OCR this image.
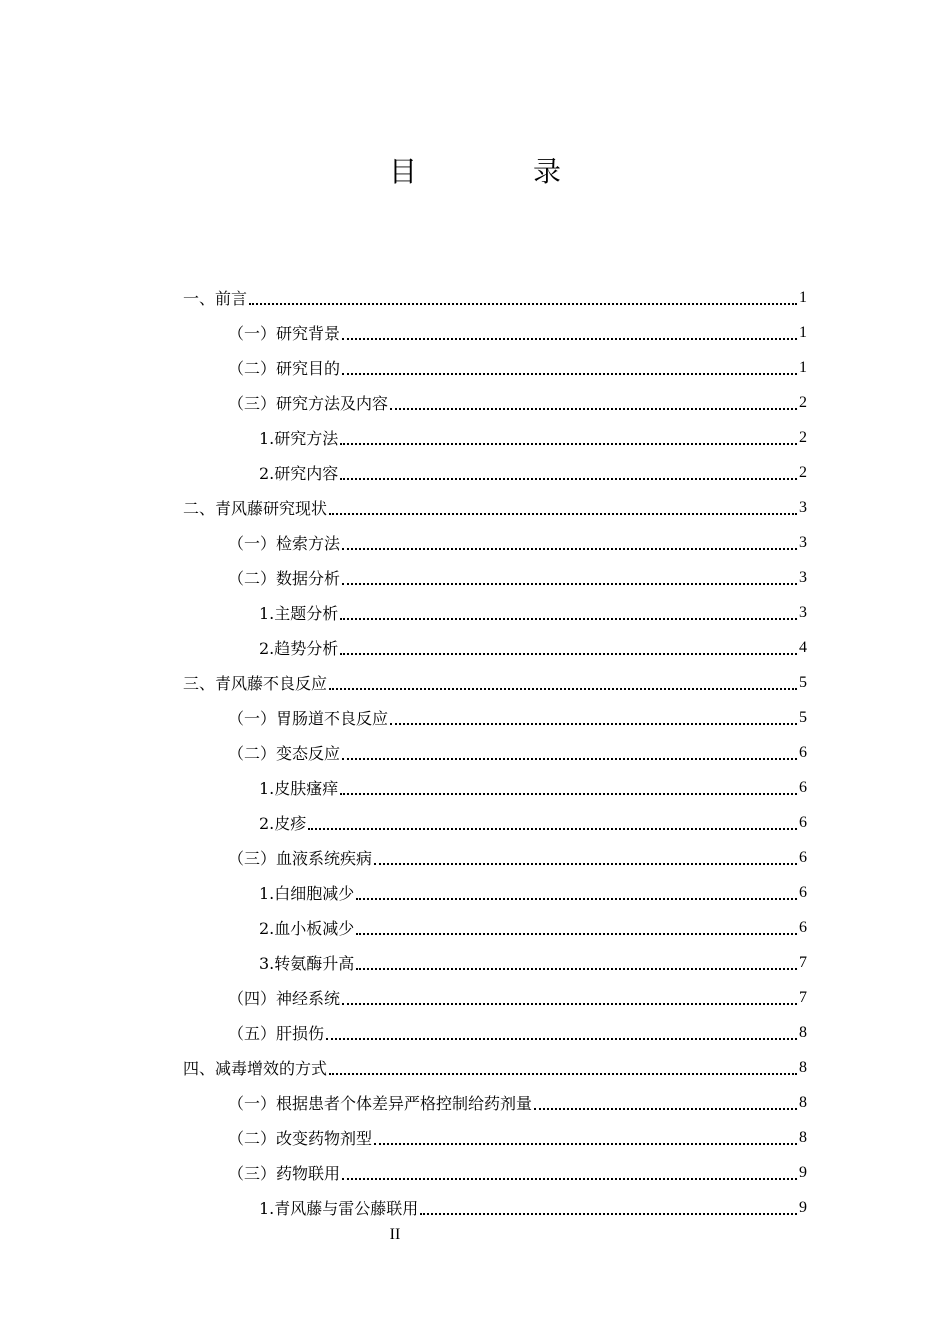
目　录
一、前言	1
（一）研究背景	1
（二）研究目的	1
（三）研究方法及内容	2
1.研究方法	2
2.研究内容	2
二、青风藤研究现状	3
（一）检索方法	3
（二）数据分析	3
1.主题分析	3
2.趋势分析	4
三、青风藤不良反应	5
（一）胃肠道不良反应	5
（二）变态反应	6
1.皮肤瘙痒	6
2.皮疹	6
（三）血液系统疾病	6
1.白细胞减少	6
2.血小板减少	6
3.转氨酶升高	7
（四）神经系统	7
（五）肝损伤	8
四、减毒增效的方式	8
（一）根据患者个体差异严格控制给药剂量	8
（二）改变药物剂型	8
（三）药物联用	9
1.青风藤与雷公藤联用	9
II
